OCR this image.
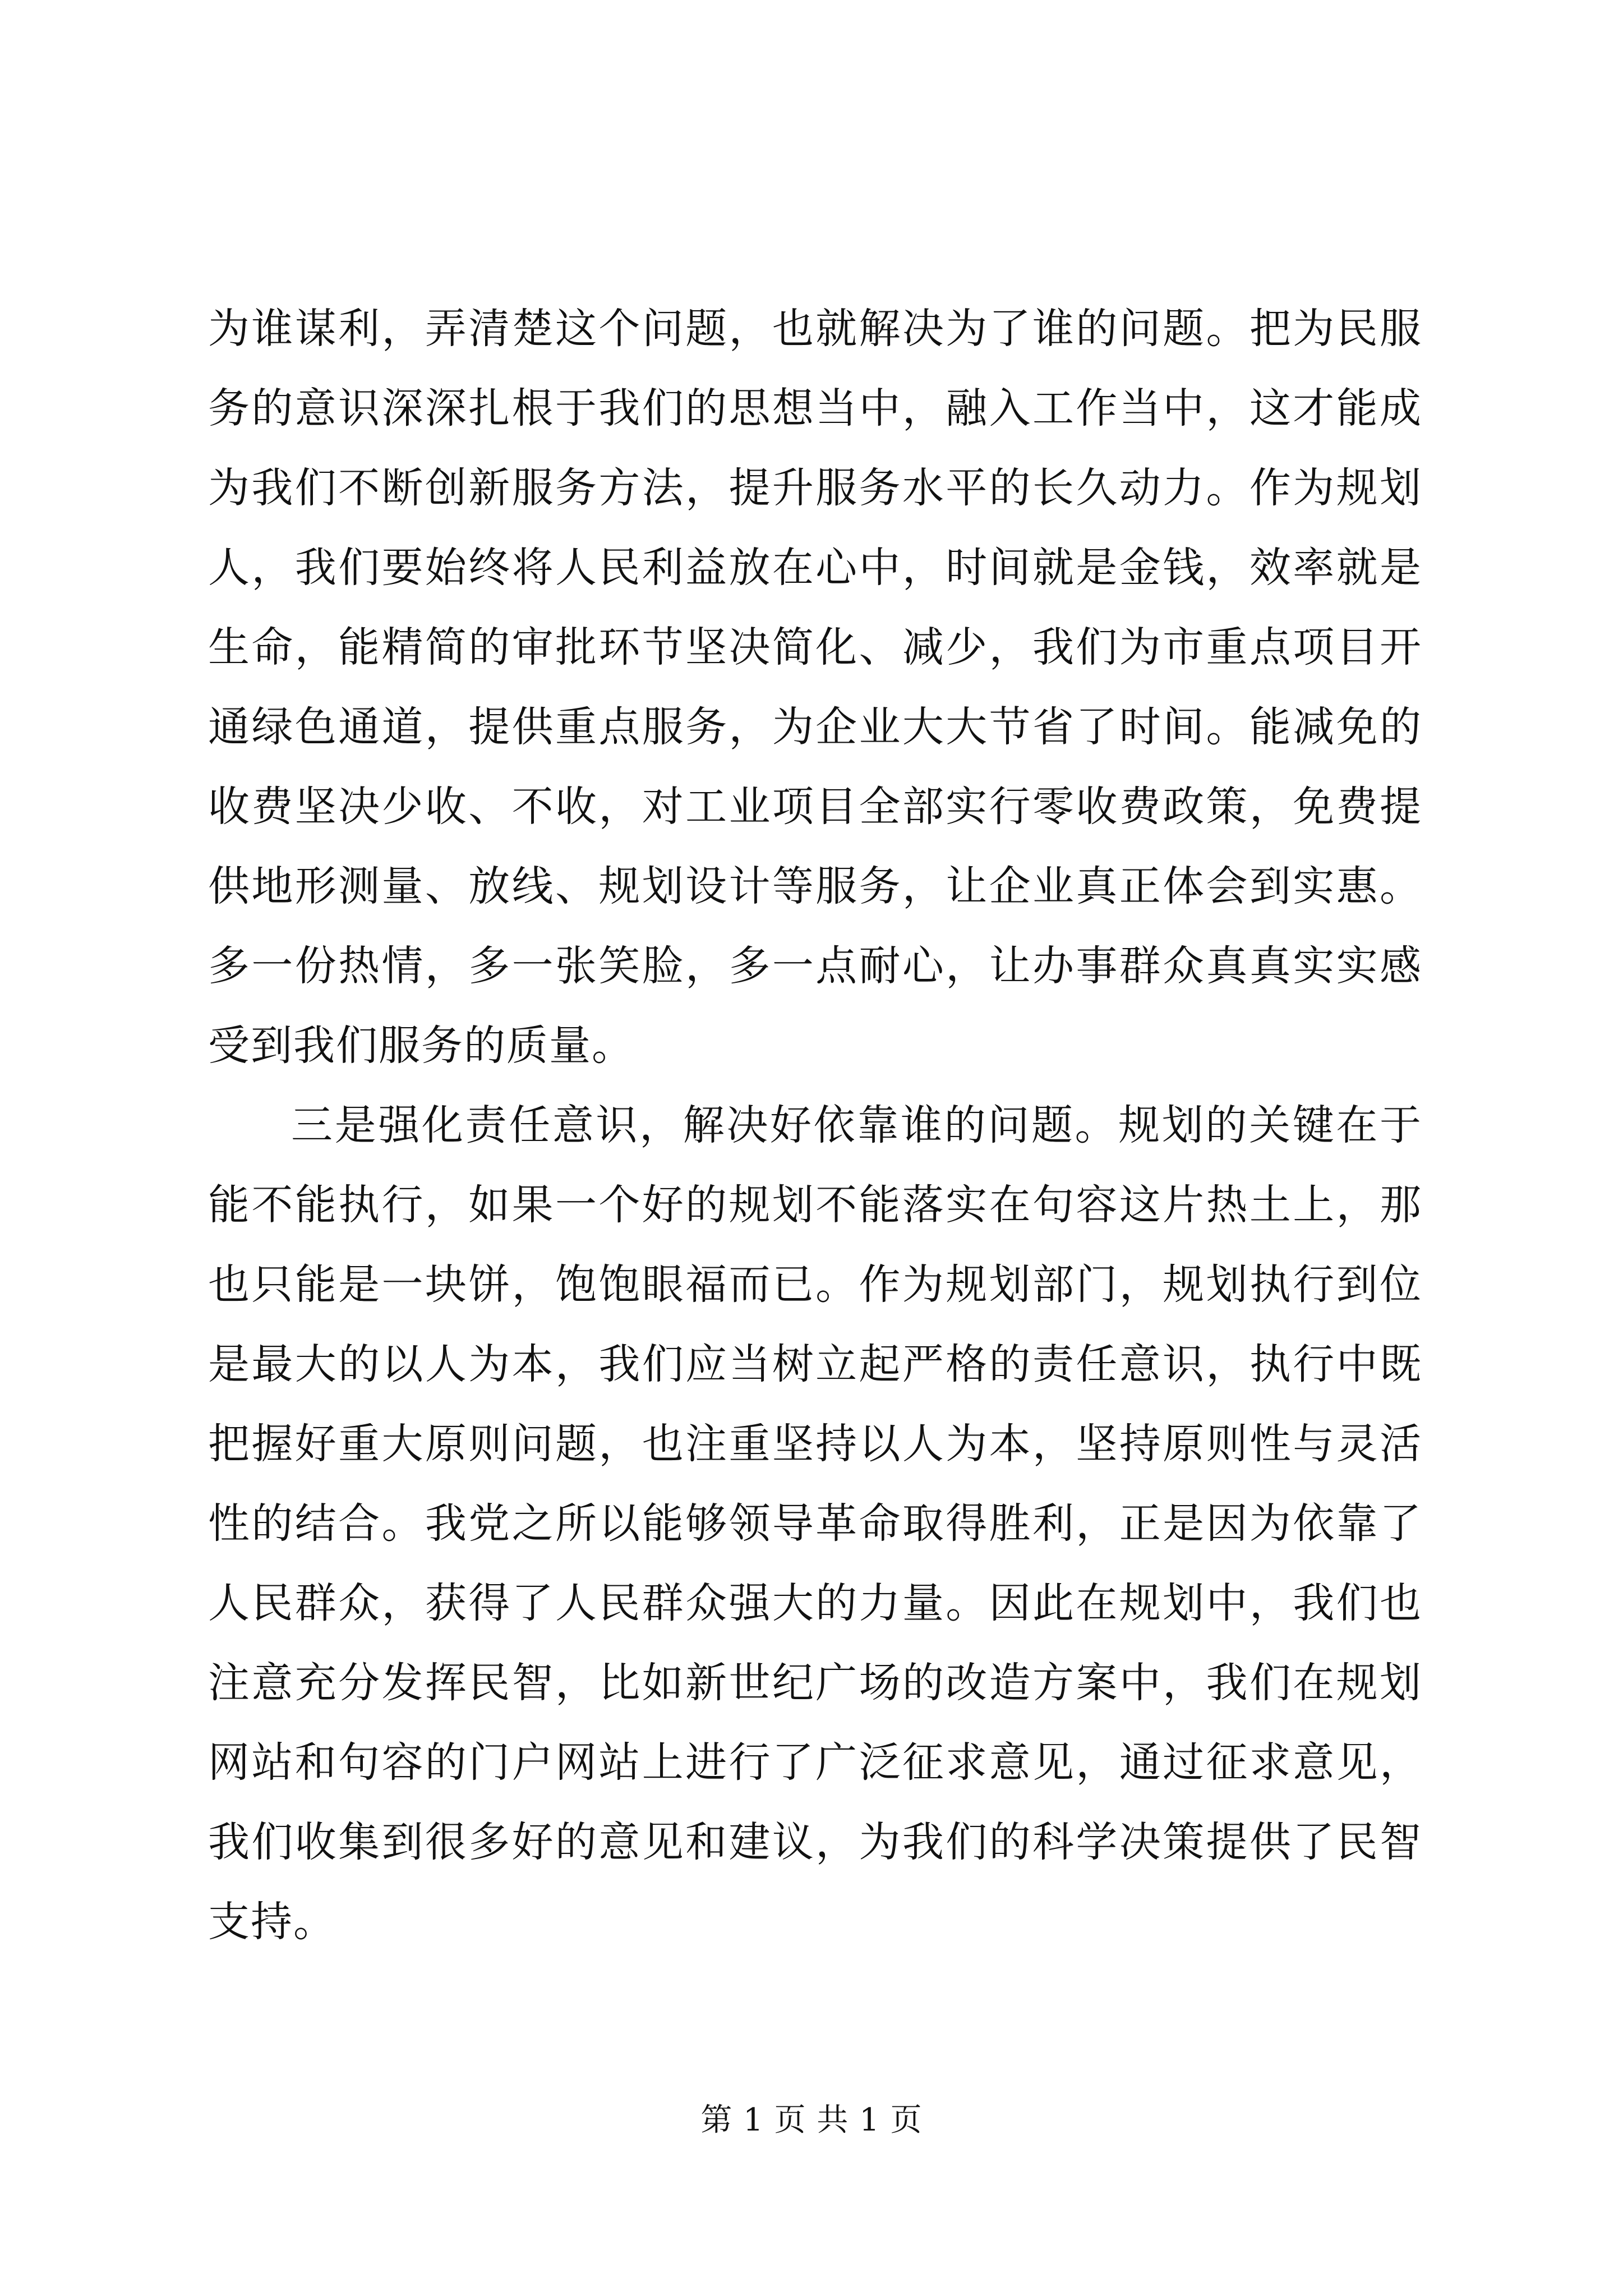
为谁谋利，弄清楚这个问题，也就解决为了谁的问题。把为民服
务的意识深深扎根于我们的思想当中，融入工作当中，这才能成
为我们不断创新服务方法，提升服务水平的长久动力。作为规划
人，我们要始终将人民利益放在心中，时间就是金钱，效率就是
生命，能精简的审批环节坚决简化、减少，我们为市重点项目开
通绿色通道，提供重点服务，为企业大大节省了时间。能减免的
收费坚决少收、不收，对工业项目全部实行零收费政策，免费提
供地形测量、放线、规划设计等服务，让企业真正体会到实惠。
多一份热情，多一张笑脸，多一点耐心，让办事群众真真实实感
受到我们服务的质量。
三是强化责任意识，解决好依靠谁的问题。规划的关键在于
能不能执行，如果一个好的规划不能落实在句容这片热土上，那
也只能是一块饼，饱饱眼福而已。作为规划部门，规划执行到位
是最大的以人为本，我们应当树立起严格的责任意识，执行中既
把握好重大原则问题，也注重坚持以人为本，坚持原则性与灵活
性的结合。我党之所以能够领导革命取得胜利，正是因为依靠了
人民群众，获得了人民群众强大的力量。因此在规划中，我们也
注意充分发挥民智，比如新世纪广场的改造方案中，我们在规划
网站和句容的门户网站上进行了广泛征求意见，通过征求意见，
我们收集到很多好的意见和建议，为我们的科学决策提供了民智
支持。
第 1 页 共 1 页
